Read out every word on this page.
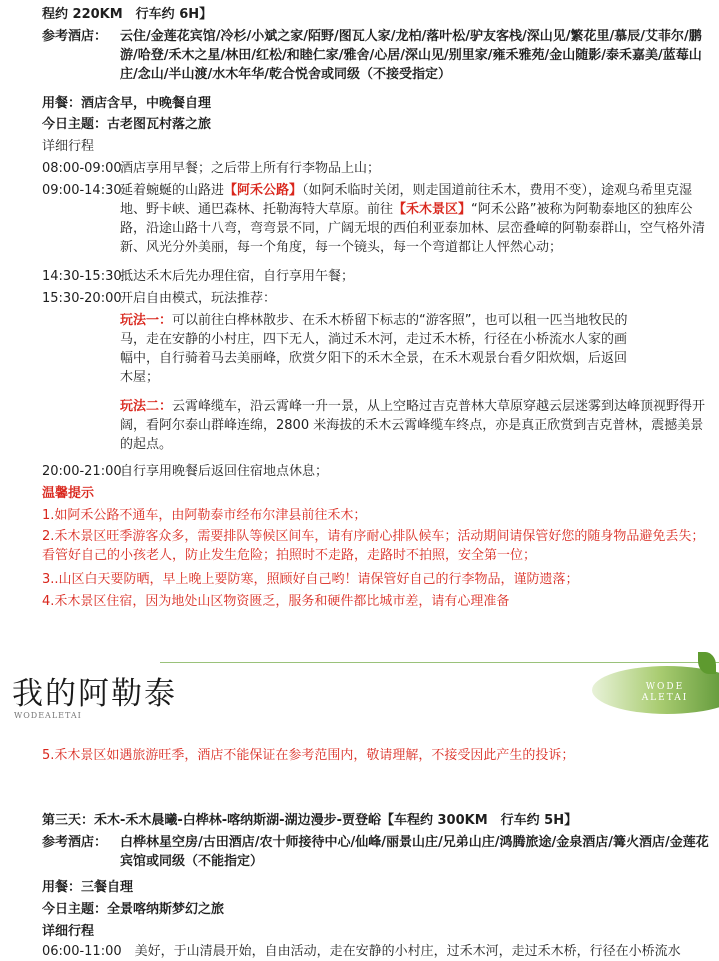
程约 220KM　行车约 6H】
参考酒店： 云住/金莲花宾馆/冷杉/小斌之家/陌野/图瓦人家/龙柏/落叶松/驴友客栈/深山见/繁花里/慕辰/艾菲尔/鹏游/哈登/禾木之星/林田/红松/和睦仁家/雅舍/心居/深山见/别里家/雍禾雅苑/金山随影/泰禾嘉美/蓝莓山庄/念山/半山渡/水木年华/乾合悦舍或同级（不接受指定）
用餐：酒店含早，中晚餐自理
今日主题：古老图瓦村落之旅
详细行程
08:00-09:00
酒店享用早餐；之后带上所有行李物品上山；
09:00-14:30
延着蜿蜒的山路进【阿禾公路】（如阿禾临时关闭，则走国道前往禾木，费用不变），途观乌希里克湿地、野卡峡、通巴森林、托勒海特大草原。前往【禾木景区】“阿禾公路”被称为阿勒泰地区的独库公路，沿途山路十八弯，弯弯景不同，广阔无垠的西伯利亚泰加林、层峦叠嶂的阿勒泰群山，空气格外清新、风光分外美丽，每一个角度，每一个镜头，每一个弯道都让人怦然心动；
14:30-15:30
抵达禾木后先办理住宿，自行享用午餐；
15:30-20:00
开启自由模式，玩法推荐：
玩法一：可以前往白桦林散步、在禾木桥留下标志的“游客照”，也可以租一匹当地牧民的马，走在安静的小村庄，四下无人，淌过禾木河，走过禾木桥，行径在小桥流水人家的画幅中，自行骑着马去美丽峰，欣赏夕阳下的禾木全景，在禾木观景台看夕阳炊烟，后返回木屋；
玩法二：云霄峰缆车，沿云霄峰一升一景，从上空略过吉克普林大草原穿越云层迷雾到达峰顶视野得开阔，看阿尔泰山群峰连绵，2800 米海拔的禾木云霄峰缆车终点，亦是真正欣赏到吉克普林，震撼美景的起点。
20:00-21:00
自行享用晚餐后返回住宿地点休息；
温馨提示
1.如阿禾公路不通车，由阿勒泰市经布尔津县前往禾木；
2.禾木景区旺季游客众多，需要排队等候区间车，请有序耐心排队候车；活动期间请保管好您的随身物品避免丢失；看管好自己的小孩老人，防止发生危险；拍照时不走路，走路时不拍照，安全第一位；
3..山区白天要防晒，早上晚上要防寒，照顾好自己哟！请保管好自己的行李物品，谨防遗落；
4.禾木景区住宿，因为地处山区物资匮乏，服务和硬件都比城市差，请有心理准备
我的阿勒泰
WODEALETAI
WODE
ALETAI
5.禾木景区如遇旅游旺季，酒店不能保证在参考范围内，敬请理解，不接受因此产生的投诉；
第三天：禾木-禾木晨曦-白桦林-喀纳斯湖-湖边漫步-贾登峪【车程约 300KM　行车约 5H】
参考酒店： 白桦林星空房/古田酒店/农十师接待中心/仙峰/丽景山庄/兄弟山庄/鸿腾旅途/金泉酒店/篝火酒店/金莲花宾馆或同级（不能指定）
用餐：三餐自理
今日主题：全景喀纳斯梦幻之旅
详细行程
06:00-11:00　美好，于山清晨开始，自由活动，走在安静的小村庄，过禾木河，走过禾木桥，行径在小桥流水
